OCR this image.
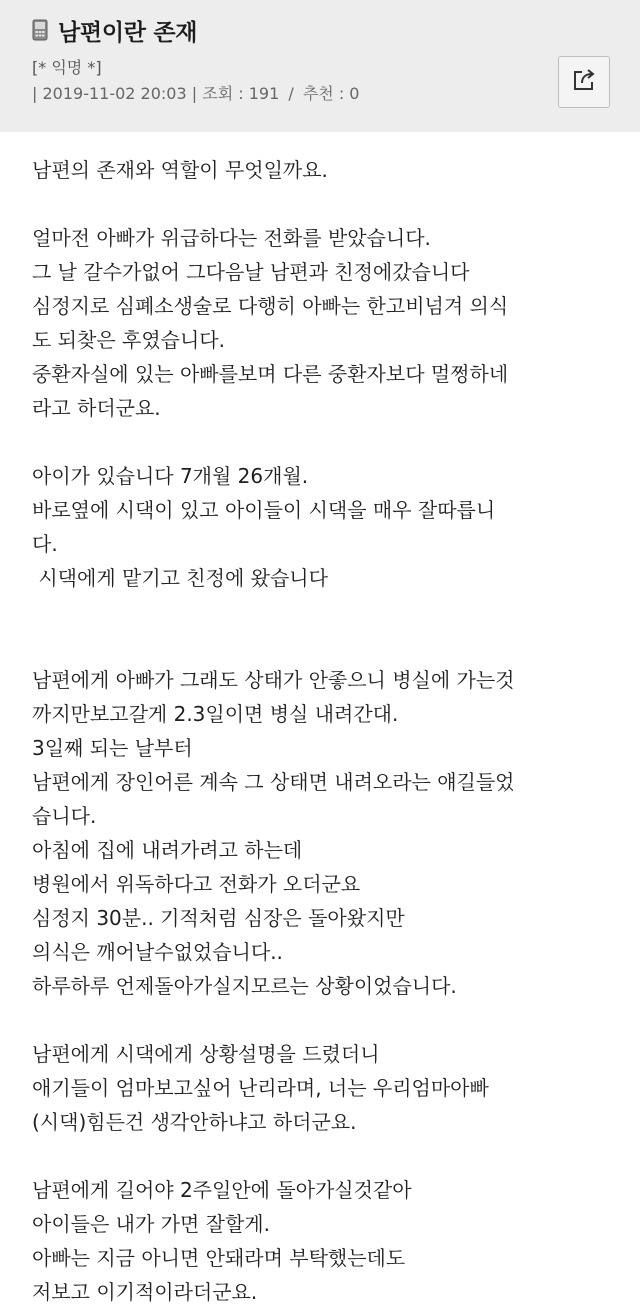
남편이란 존재
[* 익명 *]
| 2019-11-02 20:03 | 조회 : 191 / 추천 : 0
남편의 존재와 역할이 무엇일까요.
얼마전 아빠가 위급하다는 전화를 받았습니다.
그 날 갈수가없어 그다음날 남편과 친정에갔습니다
심정지로 심폐소생술로 다행히 아빠는 한고비넘겨 의식
도 되찾은 후였습니다.
중환자실에 있는 아빠를보며 다른 중환자보다 멀쩡하네
라고 하더군요.
아이가 있습니다 7개월 26개월.
바로옆에 시댁이 있고 아이들이 시댁을 매우 잘따릅니
다.
시댁에게 맡기고 친정에 왔습니다
남편에게 아빠가 그래도 상태가 안좋으니 병실에 가는것
까지만보고갈게 2.3일이면 병실 내려간대.
3일째 되는 날부터
남편에게 장인어른 계속 그 상태면 내려오라는 얘길들었
습니다.
아침에 집에 내려가려고 하는데
병원에서 위독하다고 전화가 오더군요
심정지 30분.. 기적처럼 심장은 돌아왔지만
의식은 깨어날수없었습니다..
하루하루 언제돌아가실지모르는 상황이었습니다.
남편에게 시댁에게 상황설명을 드렸더니
애기들이 엄마보고싶어 난리라며, 너는 우리엄마아빠
(시댁)힘든건 생각안하냐고 하더군요.
남편에게 길어야 2주일안에 돌아가실것같아
아이들은 내가 가면 잘할게.
아빠는 지금 아니면 안돼라며 부탁했는데도
저보고 이기적이라더군요.
